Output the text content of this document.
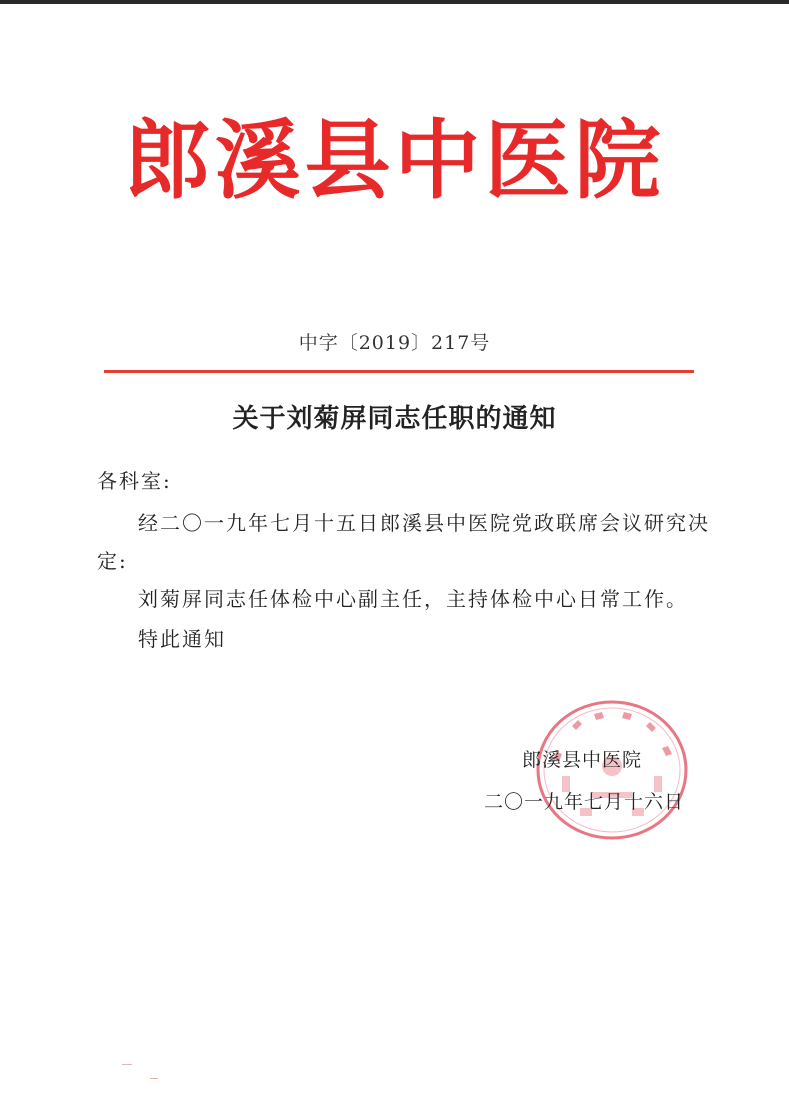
郎溪县中医院
中字〔2019〕217号
关于刘菊屏同志任职的通知
各科室:
经二〇一九年七月十五日郎溪县中医院党政联席会议研究决
定:
刘菊屏同志任体检中心副主任，主持体检中心日常工作。
特此通知
郎溪县中医院
二〇一九年七月十六日
